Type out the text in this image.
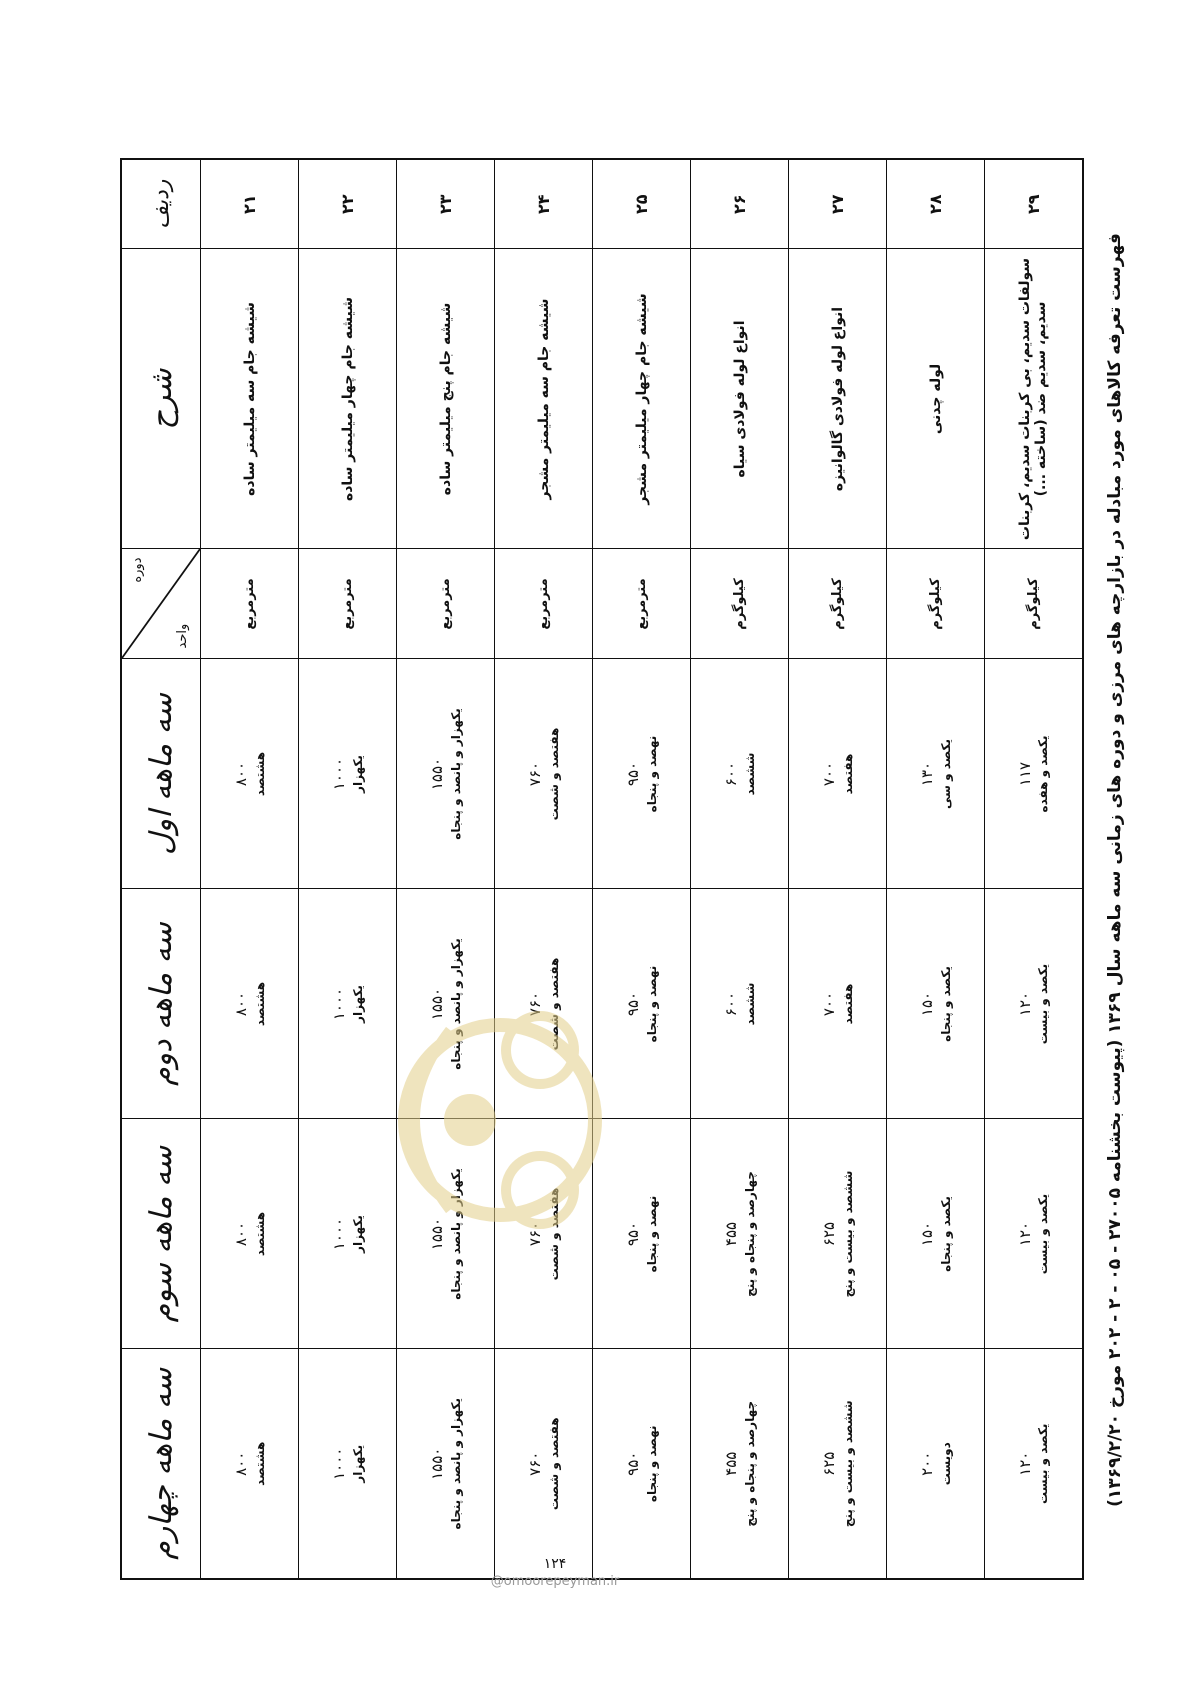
ردیف	شرح	دوره
واحد	سه ماهه اول	سه ماهه دوم	سه ماهه سوم	سه ماهه چهارم
۲۱	شیشه جام سه میلیمتر ساده	مترمربع	۸۰۰ هشتصد	۸۰۰ هشتصد	۸۰۰ هشتصد	۸۰۰ هشتصد

۲۲	شیشه جام چهار میلیمتر ساده	مترمربع	۱۰۰۰ یکهزار	۱۰۰۰ یکهزار	۱۰۰۰ یکهزار	۱۰۰۰ یکهزار

۲۳	شیشه جام پنج میلیمتر ساده	مترمربع	۱۵۵۰ یکهزار و پانصد و پنجاه	۱۵۵۰ یکهزار و پانصد و پنجاه	۱۵۵۰ یکهزار و پانصد و پنجاه	۱۵۵۰ یکهزار و پانصد و پنجاه

۲۴	شیشه جام سه میلیمتر مشجر	مترمربع	۷۶۰ هفتصد و شصت	۷۶۰ هفتصد و شصت	۷۶۰ هفتصد و شصت	۷۶۰ هفتصد و شصت

۲۵	شیشه جام چهار میلیمتر مشجر	مترمربع	۹۵۰ نهصد و پنجاه	۹۵۰ نهصد و پنجاه	۹۵۰ نهصد و پنجاه	۹۵۰ نهصد و پنجاه

۲۶	انواع لوله فولادی سیاه	کیلوگرم	۶۰۰ ششصد	۶۰۰ ششصد	۴۵۵ چهارصد و پنجاه و پنج	۴۵۵ چهارصد و پنجاه و پنج

۲۷	انواع لوله فولادی گالوانیزه	کیلوگرم	۷۰۰ هفتصد	۷۰۰ هفتصد	۶۲۵ ششصد و بیست و پنج	۶۲۵ ششصد و بیست و پنج

۲۸	لوله چدنی	کیلوگرم	۱۳۰ یکصد و سی	۱۵۰ یکصد و پنجاه	۱۵۰ یکصد و پنجاه	۲۰۰ دویست

۲۹	سولفات سدیم، بی کربنات سدیم، کربنات سدیم، سدیم ضد (ساخته ...)	کیلوگرم	۱۱۷ یکصد و هفده	۱۲۰ یکصد و بیست	۱۲۰ یکصد و بیست	۱۲۰ یکصد و بیست	فهرست تعرفه کالاهای مورد مبادله در بازارچه های مرزی و دوره های زمانی سه ماهه سال ۱۳۶۹ (پیوست بخشنامه ۲۷۰۰۵ - ۰۵ - ۲ - ۲۰۲ مورخ ۱۳۶۹/۲/۲۰)
۱۲۴
@omoorepeyman.ir
